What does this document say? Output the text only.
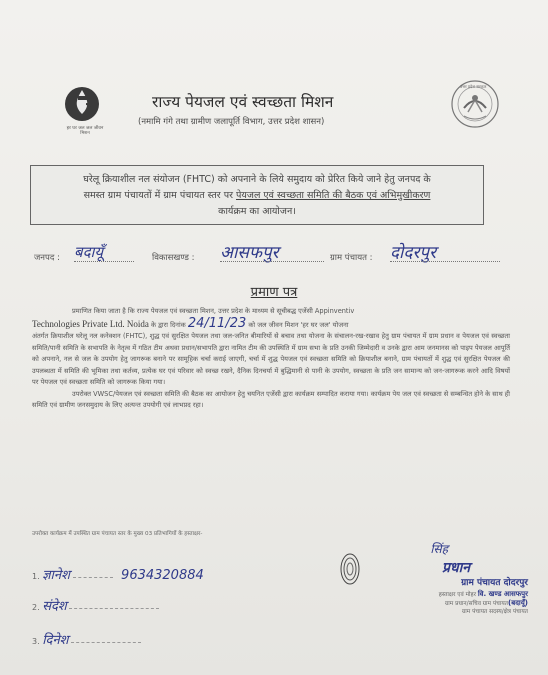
हर घर जल जल जीवन मिशन
राज्य पेयजल एवं स्वच्छता मिशन
(नमामि गंगे तथा ग्रामीण जलापूर्ति विभाग, उत्तर प्रदेश शासन)
उत्तर प्रदेश सरकार
घरेलू क्रियाशील नल संयोजन (FHTC) को अपनाने के लिये समुदाय को प्रेरित किये जाने हेतु जनपद के
समस्त ग्राम पंचायतों में ग्राम पंचायत स्तर पर पेयजल एवं स्वच्छता समिति की बैठक एवं अभिमुखीकरण
कार्यक्रम का आयोजन।
जनपद : बदायूँ	विकासखण्ड : आसफपुर	ग्राम पंचायत : दोदरपुर
प्रमाण पत्र

प्रमाणित किया जाता है कि राज्य पेयजल एवं स्वच्छता मिशन, उत्तर प्रदेश के माध्यम से सूचीबद्ध एजेंसी Appinventiv

Technologies Private Ltd. Noida के द्वारा दिनांक 24/11/23 को जल जीवन मिशन 'हर घर जल' योजना

अंतर्गत क्रियाशील घरेलू नल कनेक्शन (FHTC), शुद्ध एवं सुरक्षित पेयजल तथा जल-जनित बीमारियों से बचाव तथा योजना के संचालन-रख-रखाव हेतु ग्राम पंचायत में ग्राम प्रधान व पेयजल एवं स्वच्छता समिति/पानी समिति के सभापति के नेतृत्व में गठित टीम अथवा प्रधान/सभापति द्वारा नामित टीम की उपस्थिति में ग्राम सभा के प्रति उनकी जिम्मेदारी व उनके द्वारा आम जनमानस को पाइप पेयजल आपूर्ति को अपनाने, नल से जल के उपयोग हेतु जागरूक बनाने पर सामूहिक चर्चा कराई जाएगी, चर्चा में शुद्ध पेयजल एवं स्वच्छता समिति को क्रियाशील बनाने, ग्राम पंचायतों में शुद्ध एवं सुरक्षित पेयजल की उपलब्धता में समिति की भूमिका तथा कर्तव्य, प्रत्येक घर एवं परिवार को स्वच्छ रखने, दैनिक दिनचर्या में बुद्धिमानी से पानी के उपयोग, स्वच्छता के प्रति जन सामान्य को जन-जागरूक करने आदि विषयों पर पेयजल एवं स्वच्छता समिति को जागरूक किया गया।

उपरोक्त VWSC/पेयजल एवं स्वच्छता समिति की बैठक का आयोजन हेतु चयनित एजेंसी द्वारा कार्यक्रम सम्पादित कराया गया। कार्यक्रम पेय जल एवं स्वच्छता से सम्बन्धित होने के साथ ही समिति एवं ग्रामीण जनसमुदाय के लिए अत्यन्त उपयोगी एवं लाभप्रद रहा।

उपरोक्त कार्यक्रम में उपस्थित ग्राम पंचायत स्तर के मुख्य 03 प्रतिभागियों के हस्ताक्षर-
1. ज्ञानेश	9634320884
2. संदेश
3. दिनेश
सिंह
प्रधान
ग्राम पंचायत दोदरपुर
हस्ताक्षर एवं मोहर वि. खण्ड आसफपुर
ग्राम प्रधान/सचिव ग्राम पंचायत(बदायूँ)
ग्राम पंचायत सदस्य/क्षेत्र पंचायत
